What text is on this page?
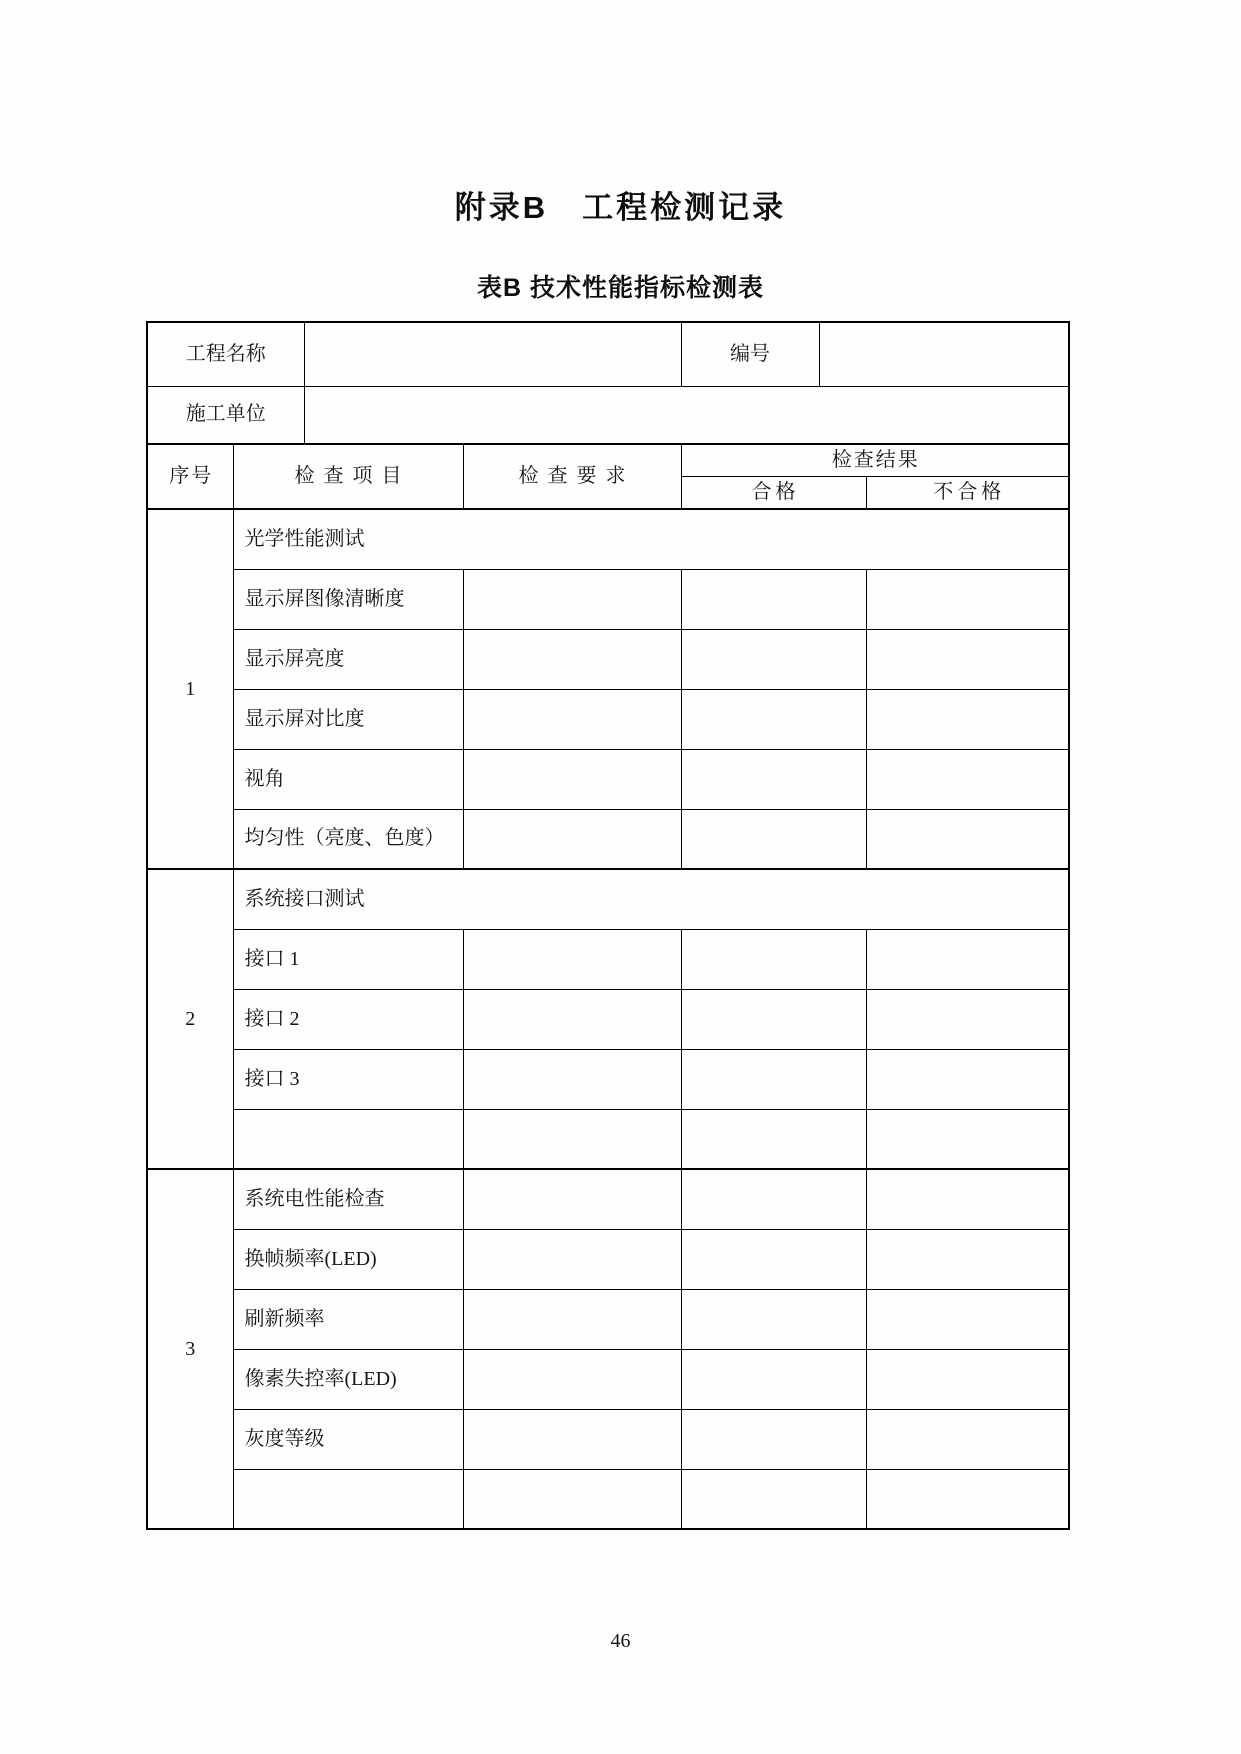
附录B　工程检测记录
表B 技术性能指标检测表
工程名称				编号		
施工单位						
序号	检查项目		检查要求	检查结果		
				合格		不合格
1	光学性能测试					
	显示屏图像清晰度					
	显示屏亮度					
	显示屏对比度					
	视角					
	均匀性（亮度、色度）					
2	系统接口测试					
	接口 1					
	接口 2					
	接口 3					

3	系统电性能检查					
	换帧频率(LED)					
	刷新频率					
	像素失控率(LED)					
	灰度等级					

46
